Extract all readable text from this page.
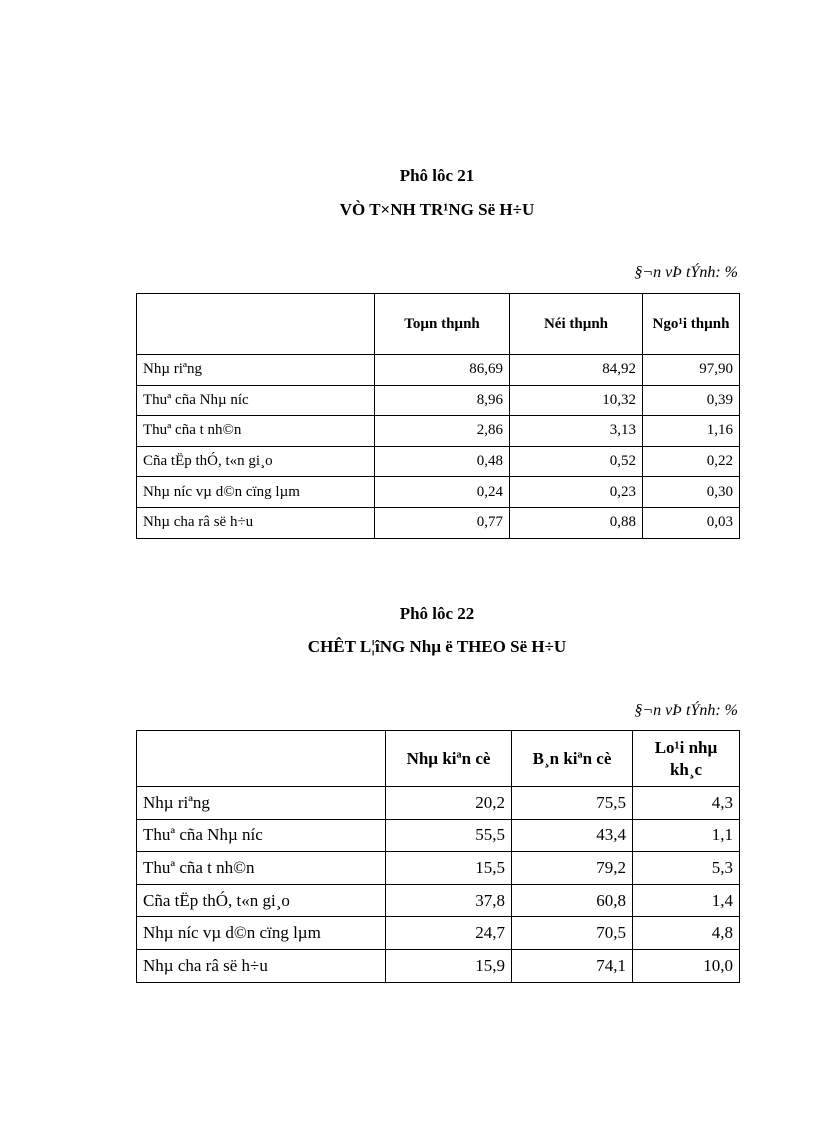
Phô lôc 21
VÒ T×NH TR¹NG Së H÷U
§¬n vÞ tÝnh: %
	Toµn thµnh	Néi thµnh	Ngo¹i thµnh
Nhµ riªng	86,69	84,92	97,90
Thuª cña Nhµ níc	8,96	10,32	0,39
Thuª cña t nh©n	2,86	3,13	1,16
Cña tËp thÓ, t«n gi¸o	0,48	0,52	0,22
Nhµ níc vµ d©n cïng lµm	0,24	0,23	0,30
Nhµ cha râ së h÷u	0,77	0,88	0,03
Phô lôc 22
CHÊT L¦îNG Nhµ ë THEO Së H÷U
§¬n vÞ tÝnh: %
	Nhµ kiªn cè	B¸n kiªn cè	Lo¹i nhµ kh¸c
Nhµ riªng	20,2	75,5	4,3
Thuª cña Nhµ níc	55,5	43,4	1,1
Thuª cña t nh©n	15,5	79,2	5,3
Cña tËp thÓ, t«n gi¸o	37,8	60,8	1,4
Nhµ níc vµ d©n cïng lµm	24,7	70,5	4,8
Nhµ cha râ së h÷u	15,9	74,1	10,0
